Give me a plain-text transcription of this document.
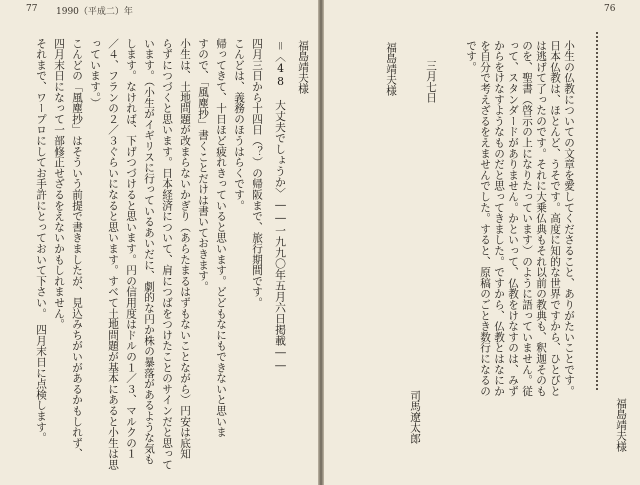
77 1990（平成二）年
福島靖夫様
＝〈48　大丈夫でしょうか〉――一九九〇年五月六日掲載――
四月三日から十四日（？）の帰阪まで、旅行期間です。
こんどは、義務のほうはらくです。
帰ってきて、十日ほど疲れきっていると思います。どどもなにもできないと思いま
すので、「風塵抄」書くことだけは書いておきます。
小生は、土地問題が改まらないかぎり（あらたまるはずもないことながら）円安は底知
らずにつづくと思います。日本経済について、肩につばをつけたことのサインだと思って
います。（小生がイギリスに行っているあいだに、劇的な円か株の暴落があるような気も
します。なければ、下げつづけると思います。円の信用度はドルの１／３、マルクの１
／４、フランの２／３ぐらいになると思います。すべて土地問題が基本にあると小生は思
っています。）
こんどの「風塵抄」はそういう前提で書きましたが、見込みちがいがあるかもしれず、
四月末日になって一部修正せざるをえないかもしれません。
それまで、ワープロにしてお手許にとっておいて下さい。　四月末日に点検します。
76
福島靖夫様
小生の仏教についての文章を愛してくださること、ありがたいことです。日本仏教は、ほとんど、うそです。高度に知的な世界ですから、ひとびとは逃げて了ったのです。それに大乗仏典もそれ以前の教典も、釈迦そのものを、聖書（啓示の上になりたっています）のように語っていません。従って、スタンダードがありません。かといって、仏教をけなすのは、みずからをけなすようなものだと思ってきました。ですから、仏教とはなにかを自分で考えざるをえませんでした。すると、原稿のごとき数行になるのです。
三月七日
司馬遼太郎
福島靖夫様
